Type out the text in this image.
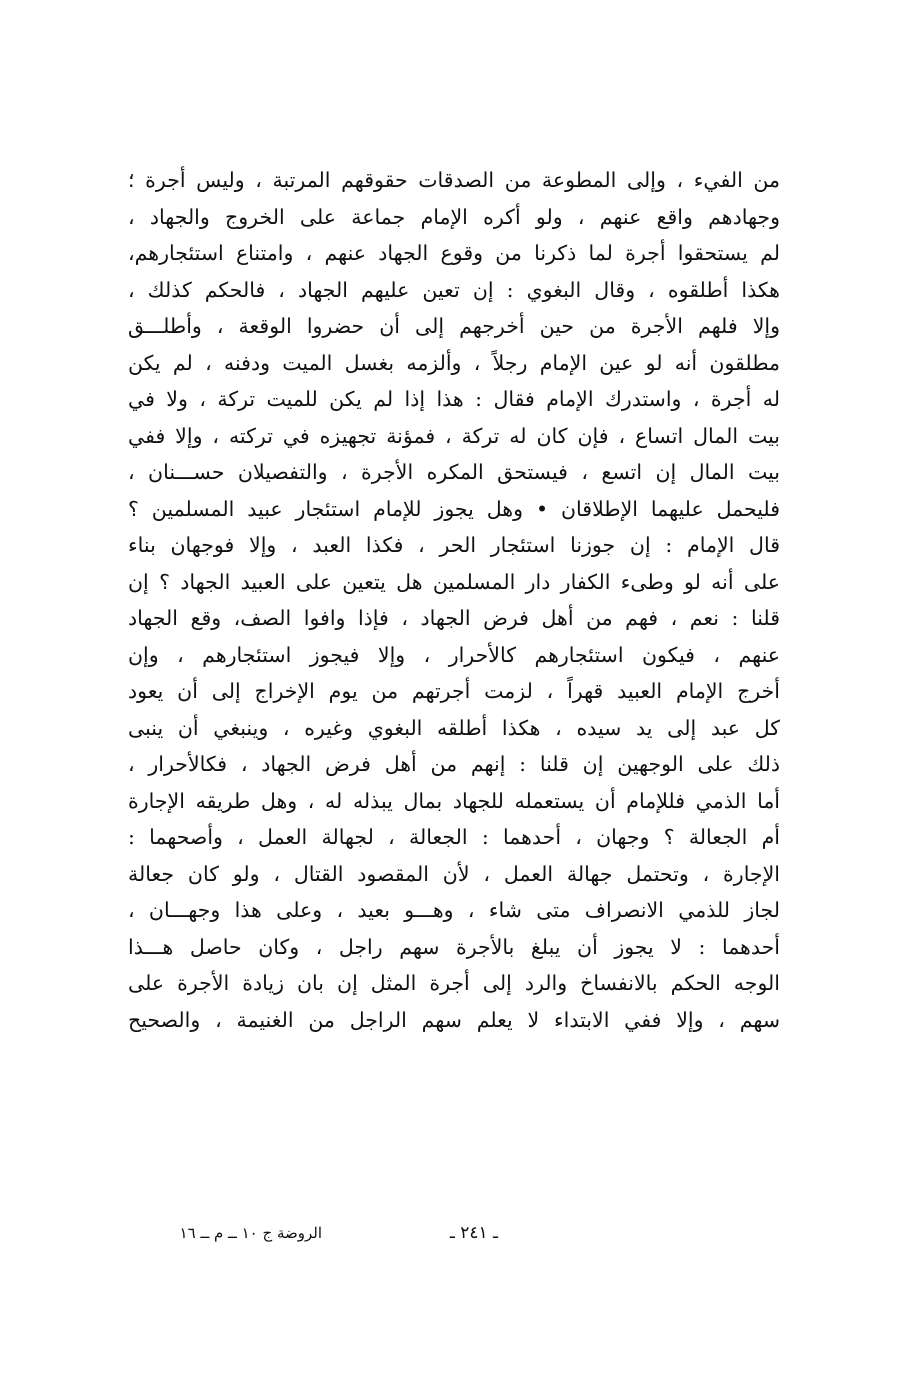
من الفيء ، وإلى المطوعة من الصدقات حقوقهم المرتبة ، وليس أجرة ؛
وجهادهم واقع عنهم ، ولو أكره الإمام جماعة على الخروج والجهاد ،
لم يستحقوا أجرة لما ذكرنا من وقوع الجهاد عنهم ، وامتناع استئجارهم،
هكذا أطلقوه ، وقال البغوي : إن تعين عليهم الجهاد ، فالحكم كذلك ،
وإلا فلهم الأجرة من حين أخرجهم إلى أن حضروا الوقعة ، وأطلـــق
مطلقون أنه لو عين الإمام رجلاً ، وألزمه بغسل الميت ودفنه ، لم يكن
له أجرة ، واستدرك الإمام فقال : هذا إذا لم يكن للميت تركة ، ولا في
بيت المال اتساع ، فإن كان له تركة ، فمؤنة تجهيزه في تركته ، وإلا ففي
بيت المال إن اتسع ، فيستحق المكره الأجرة ، والتفصيلان حســـنان ،
فليحمل عليهما الإطلاقان • وهل يجوز للإمام استئجار عبيد المسلمين ؟
قال الإمام : إن جوزنا استئجار الحر ، فكذا العبد ، وإلا فوجهان بناء
على أنه لو وطىء الكفار دار المسلمين هل يتعين على العبيد الجهاد ؟ إن
قلنا : نعم ، فهم من أهل فرض الجهاد ، فإذا وافوا الصف، وقع الجهاد
عنهم ، فيكون استئجارهم كالأحرار ، وإلا فيجوز استئجارهم ، وإن
أخرج الإمام العبيد قهراً ، لزمت أجرتهم من يوم الإخراج إلى أن يعود
كل عبد إلى يد سيده ، هكذا أطلقه البغوي وغيره ، وينبغي أن ينبى
ذلك على الوجهين إن قلنا : إنهم من أهل فرض الجهاد ، فكالأحرار ،
أما الذمي فللإمام أن يستعمله للجهاد بمال يبذله له ، وهل طريقه الإجارة
أم الجعالة ؟ وجهان ، أحدهما : الجعالة ، لجهالة العمل ، وأصحهما :
الإجارة ، وتحتمل جهالة العمل ، لأن المقصود القتال ، ولو كان جعالة
لجاز للذمي الانصراف متى شاء ، وهـــو بعيد ، وعلى هذا وجهـــان ،
أحدهما : لا يجوز أن يبلغ بالأجرة سهم راجل ، وكان حاصل هـــذا
الوجه الحكم بالانفساخ والرد إلى أجرة المثل إن بان زيادة الأجرة على
سهم ، وإلا ففي الابتداء لا يعلم سهم الراجل من الغنيمة ، والصحيح
ـ ٢٤١ ـ
الروضة ج ١٠ ــ م ــ ١٦
